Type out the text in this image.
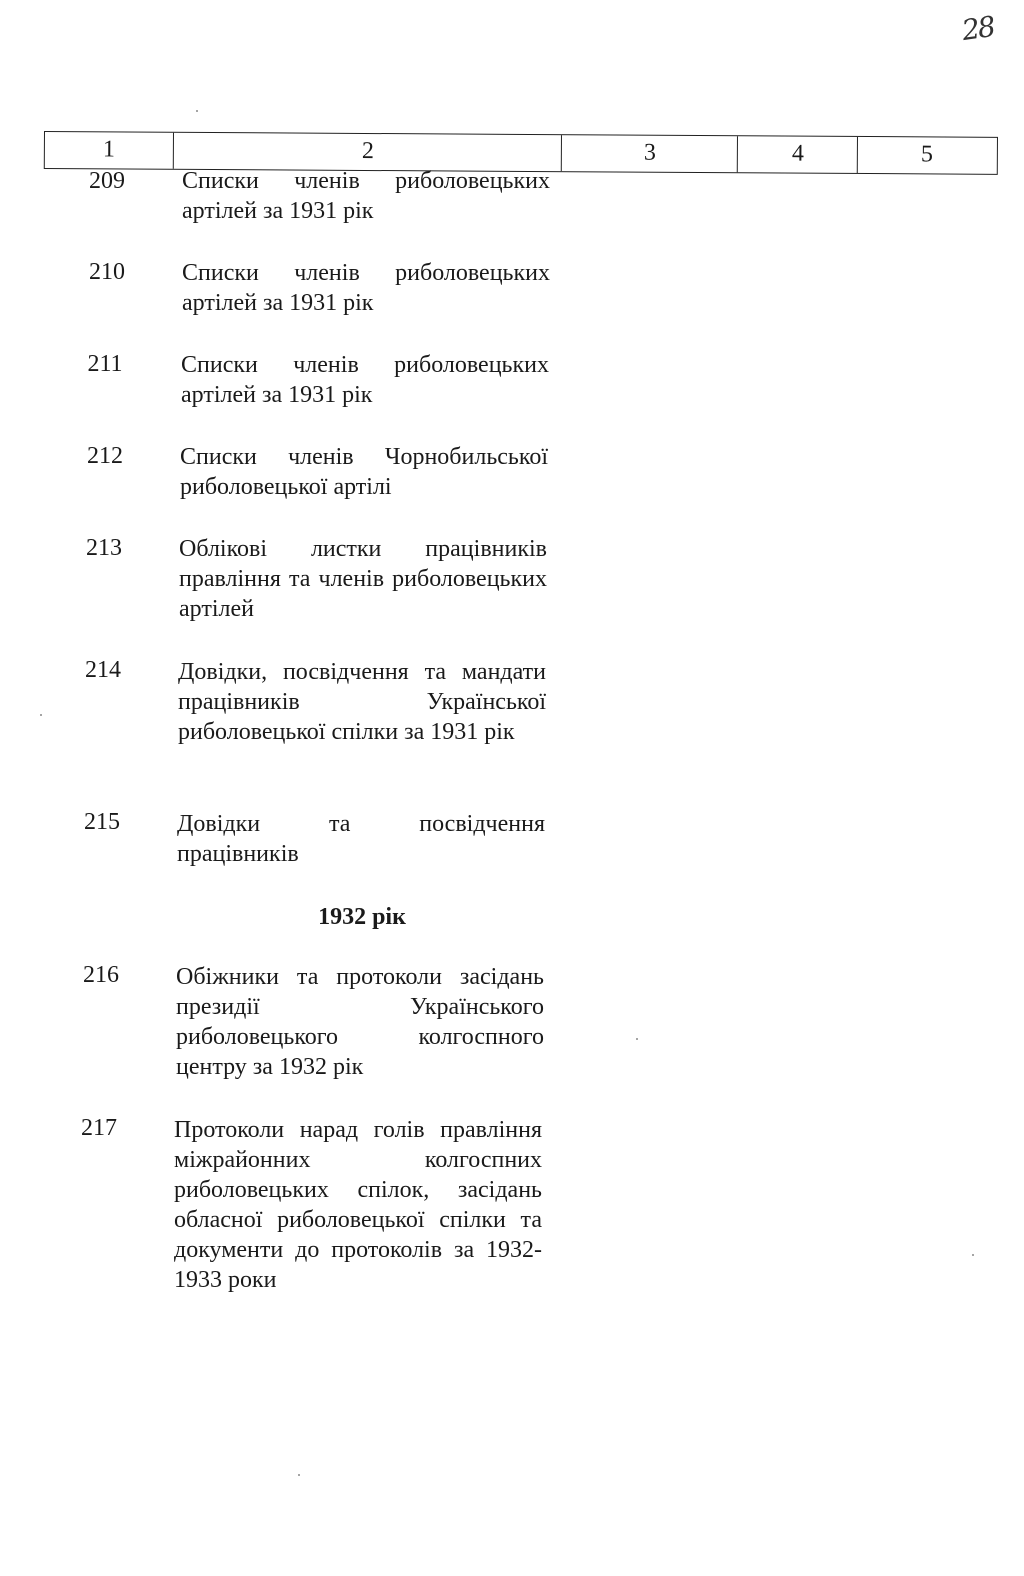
28
1	2	3	4	5
209	Списки членів риболовецьких артілей за 1931 рік
210	Списки членів риболовецьких артілей за 1931 рік
211	Списки членів риболовецьких артілей за 1931 рік
212	Списки членів Чорнобильської риболовецької артілі
213	Облікові листки працівників правління та членів риболовецьких артілей
214	Довідки, посвідчення та мандати працівників Української риболовецької спілки за 1931 рік
215	Довідки та посвідчення працівників
1932 рік
216	Обіжники та протоколи засідань президії Українського риболовецького колгоспного центру за 1932 рік
217	Протоколи нарад голів правління міжрайонних колгоспних риболовецьких спілок, засідань обласної риболовецької спілки та документи до протоколів за 1932-1933 роки
